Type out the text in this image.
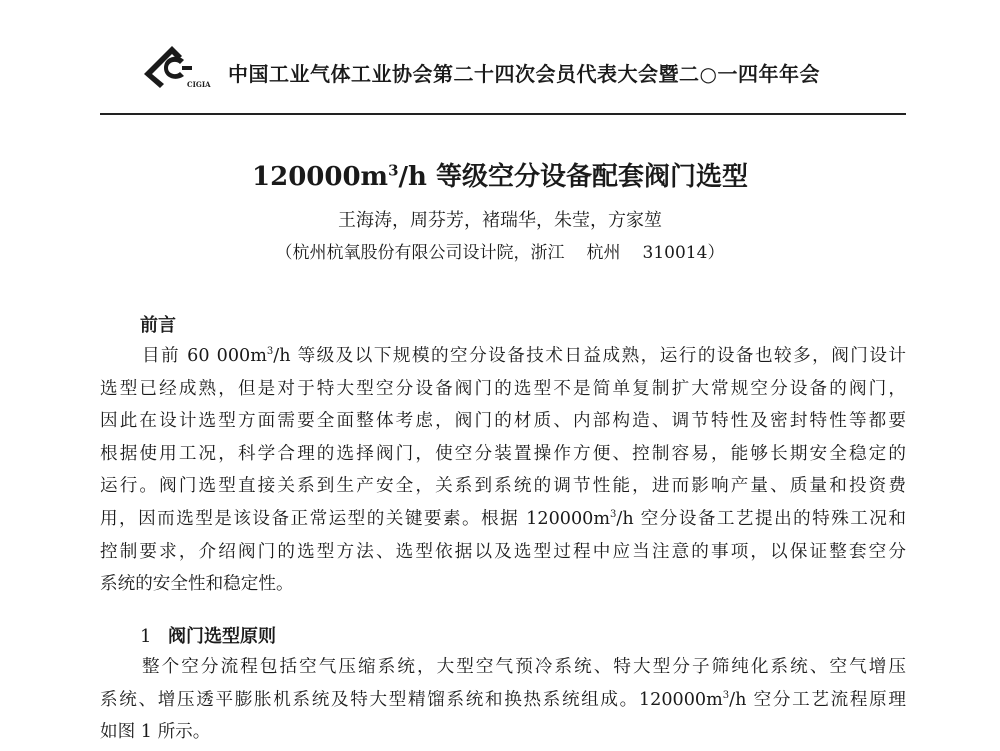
CIGIA 中国工业气体工业协会第二十四次会员代表大会暨二○一四年年会
$120000m^3/h$ 等级空分设备配套阀门选型
王海涛，周芬芳，褚瑞华，朱莹，方家堃
（杭州杭氧股份有限公司设计院，浙江 杭州 310014）
前言
目前 60 $000m^3/h$ 等级及以下规模的空分设备技术日益成熟，运行的设备也较多，阀门设计
选型已经成熟，但是对于特大型空分设备阀门的选型不是简单复制扩大常规空分设备的阀门，
因此在设计选型方面需要全面整体考虑，阀门的材质、内部构造、调节特性及密封特性等都要
根据使用工况，科学合理的选择阀门，使空分装置操作方便、控制容易，能够长期安全稳定的
运行。阀门选型直接关系到生产安全，关系到系统的调节性能，进而影响产量、质量和投资费
用，因而选型是该设备正常运型的关键要素。根据 $120000m^3/h$ 空分设备工艺提出的特殊工况和
控制要求，介绍阀门的选型方法、选型依据以及选型过程中应当注意的事项，以保证整套空分
系统的安全性和稳定性。
1 阀门选型原则
整个空分流程包括空气压缩系统，大型空气预冷系统、特大型分子筛纯化系统、空气增压
系统、增压透平膨胀机系统及特大型精馏系统和换热系统组成。$120000m^3/h$ 空分工艺流程原理
如图 1 所示。
